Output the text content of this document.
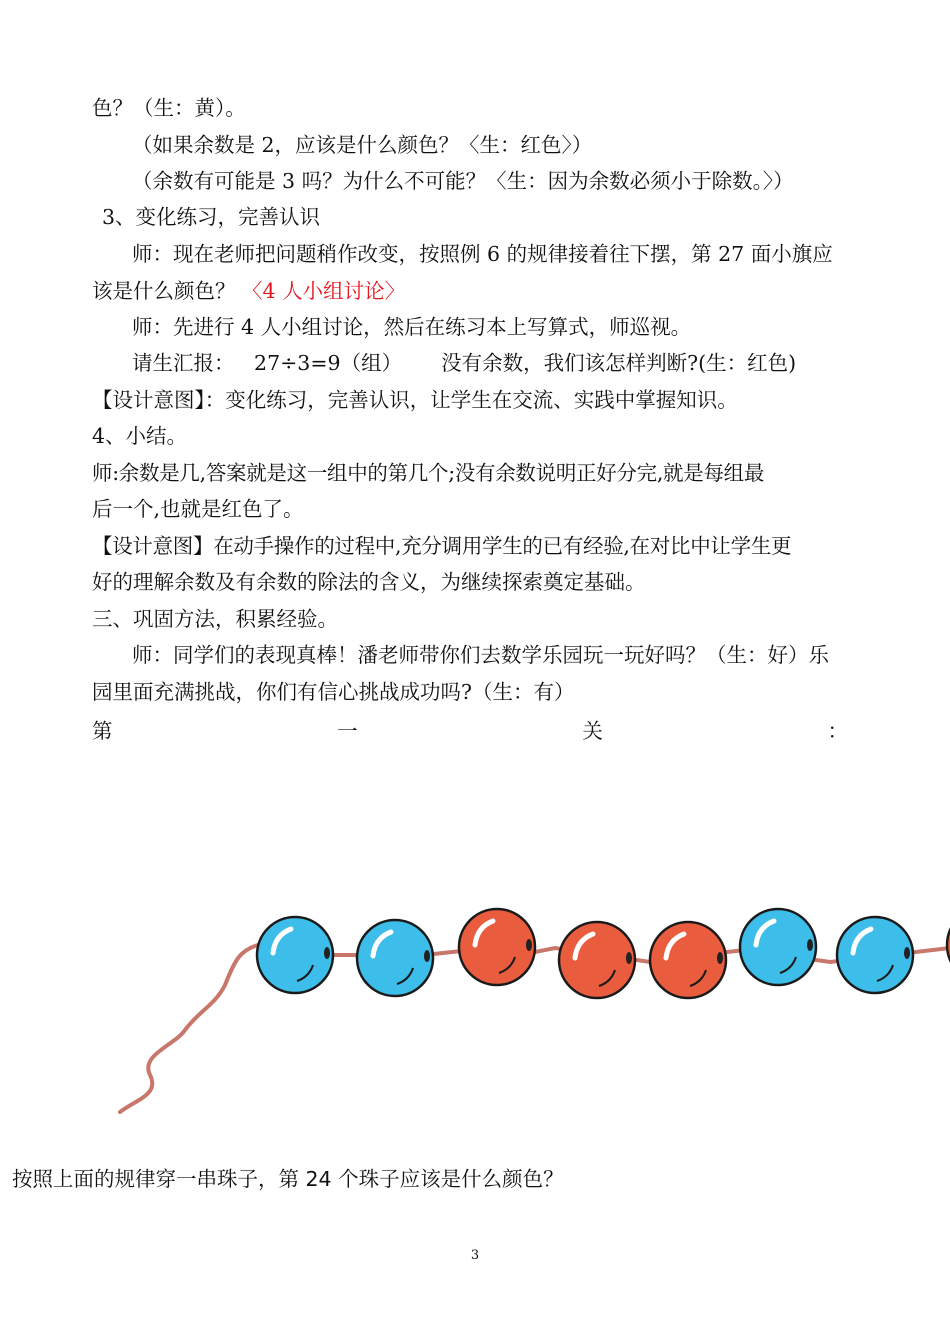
色？（生：黄）。
（如果余数是 2，应该是什么颜色？〈生：红色〉）
（余数有可能是 3 吗？为什么不可能？〈生：因为余数必须小于除数。〉）
3、变化练习，完善认识
师：现在老师把问题稍作改变，按照例 6 的规律接着往下摆，第 27 面小旗应
该是什么颜色？ 〈4 人小组讨论〉
师：先进行 4 人小组讨论，然后在练习本上写算式，师巡视。
请生汇报：   27÷3=9（组）      没有余数，我们该怎样判断?(生：红色)
【设计意图】：变化练习，完善认识，让学生在交流、实践中掌握知识。
4、小结。
师:余数是几,答案就是这一组中的第几个;没有余数说明正好分完,就是每组最
后一个,也就是红色了。
【设计意图】在动手操作的过程中,充分调用学生的已有经验,在对比中让学生更
好的理解余数及有余数的除法的含义，为继续探索奠定基础。
三、巩固方法，积累经验。
师：同学们的表现真棒！潘老师带你们去数学乐园玩一玩好吗？（生：好）乐
园里面充满挑战，你们有信心挑战成功吗?（生：有）
第	一	关	：
按照上面的规律穿一串珠子，第 24 个珠子应该是什么颜色？
3
